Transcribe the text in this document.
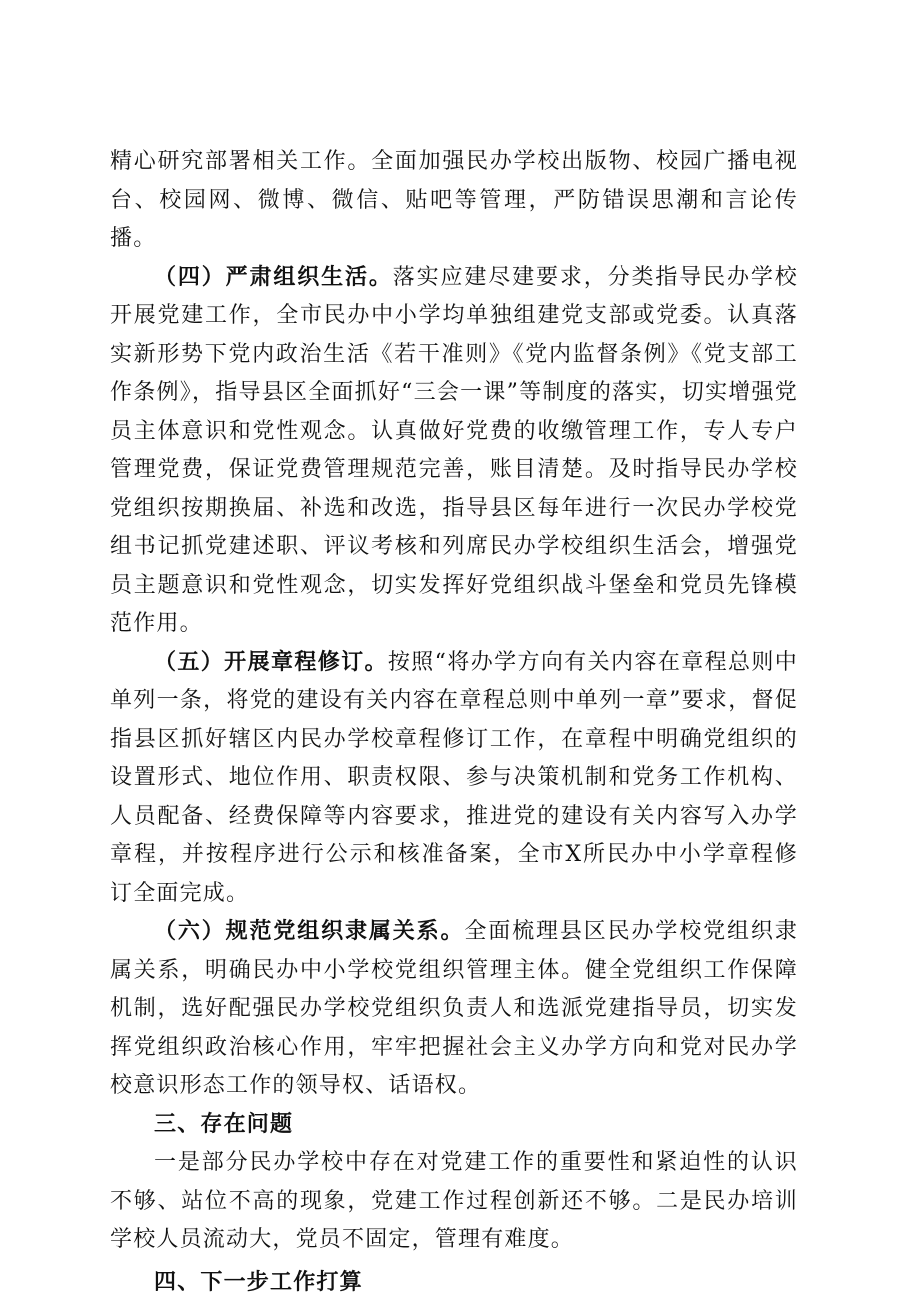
精心研究部署相关工作。全面加强民办学校出版物、校园广播电视台、校园网、微博、微信、贴吧等管理，严防错误思潮和言论传播。

（四）严肃组织生活。落实应建尽建要求，分类指导民办学校开展党建工作，全市民办中小学均单独组建党支部或党委。认真落实新形势下党内政治生活《若干准则》《党内监督条例》《党支部工作条例》，指导县区全面抓好“三会一课”等制度的落实，切实增强党员主体意识和党性观念。认真做好党费的收缴管理工作，专人专户管理党费，保证党费管理规范完善，账目清楚。及时指导民办学校党组织按期换届、补选和改选，指导县区每年进行一次民办学校党组书记抓党建述职、评议考核和列席民办学校组织生活会，增强党员主题意识和党性观念，切实发挥好党组织战斗堡垒和党员先锋模范作用。

（五）开展章程修订。按照“将办学方向有关内容在章程总则中单列一条，将党的建设有关内容在章程总则中单列一章”要求，督促指县区抓好辖区内民办学校章程修订工作，在章程中明确党组织的设置形式、地位作用、职责权限、参与决策机制和党务工作机构、人员配备、经费保障等内容要求，推进党的建设有关内容写入办学章程，并按程序进行公示和核准备案，全市X所民办中小学章程修订全面完成。

（六）规范党组织隶属关系。全面梳理县区民办学校党组织隶属关系，明确民办中小学校党组织管理主体。健全党组织工作保障机制，选好配强民办学校党组织负责人和选派党建指导员，切实发挥党组织政治核心作用，牢牢把握社会主义办学方向和党对民办学校意识形态工作的领导权、话语权。

三、存在问题

一是部分民办学校中存在对党建工作的重要性和紧迫性的认识不够、站位不高的现象，党建工作过程创新还不够。二是民办培训学校人员流动大，党员不固定，管理有难度。

四、下一步工作打算
